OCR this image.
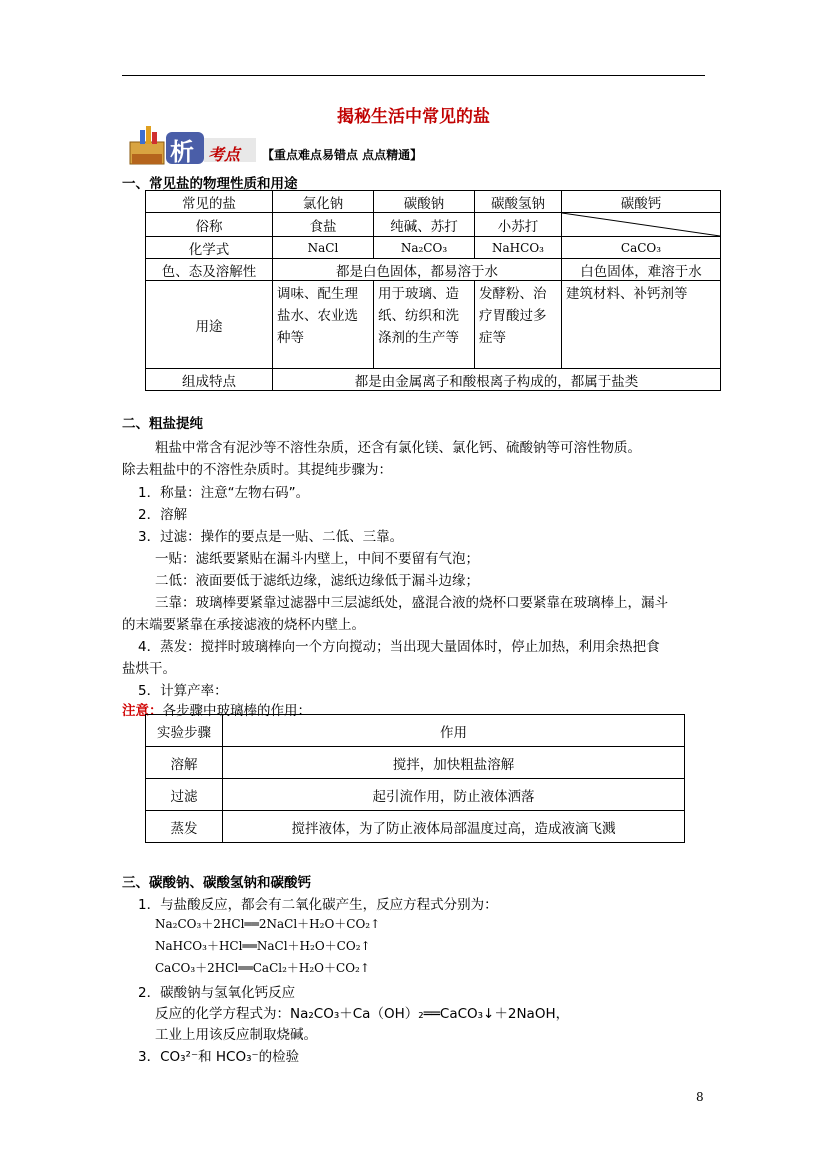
揭秘生活中常见的盐
析 考点 【重点难点易错点 点点精通】
一、常见盐的物理性质和用途
常见的盐	氯化钠	碳酸钠	碳酸氢钠	碳酸钙
俗称	食盐	纯碱、苏打	小苏打	

化学式	NaCl	Na₂CO₃	NaHCO₃	CaCO₃
色、态及溶解性	都是白色固体，都易溶于水			白色固体，难溶于水
用途	调味、配生理盐水、农业选种等	用于玻璃、造纸、纺织和洗涤剂的生产等	发酵粉、治疗胃酸过多症等	建筑材料、补钙剂等
组成特点	都是由金属离子和酸根离子构成的，都属于盐类			
二、粗盐提纯
粗盐中常含有泥沙等不溶性杂质，还含有氯化镁、氯化钙、硫酸钠等可溶性物质。
除去粗盐中的不溶性杂质时。其提纯步骤为：
1．称量：注意“左物右码”。
2．溶解
3．过滤：操作的要点是一贴、二低、三靠。
一贴：滤纸要紧贴在漏斗内壁上，中间不要留有气泡；
二低：液面要低于滤纸边缘，滤纸边缘低于漏斗边缘；
三靠：玻璃棒要紧靠过滤器中三层滤纸处，盛混合液的烧杯口要紧靠在玻璃棒上，漏斗
的末端要紧靠在承接滤液的烧杯内壁上。
4．蒸发：搅拌时玻璃棒向一个方向搅动；当出现大量固体时，停止加热，利用余热把食
盐烘干。
5．计算产率：
注意：各步骤中玻璃棒的作用：
实验步骤	作用
溶解	搅拌，加快粗盐溶解
过滤	起引流作用，防止液体洒落
蒸发	搅拌液体，为了防止液体局部温度过高，造成液滴飞溅
三、碳酸钠、碳酸氢钠和碳酸钙
1．与盐酸反应，都会有二氧化碳产生，反应方程式分别为：
Na₂CO₃＋2HCl══2NaCl＋H₂O＋CO₂↑
NaHCO₃＋HCl══NaCl＋H₂O＋CO₂↑
CaCO₃＋2HCl══CaCl₂＋H₂O＋CO₂↑
2．碳酸钠与氢氧化钙反应
反应的化学方程式为：Na₂CO₃＋Ca（OH）₂══CaCO₃↓＋2NaOH，
工业上用该反应制取烧碱。
3．CO₃²⁻和 HCO₃⁻的检验
8
